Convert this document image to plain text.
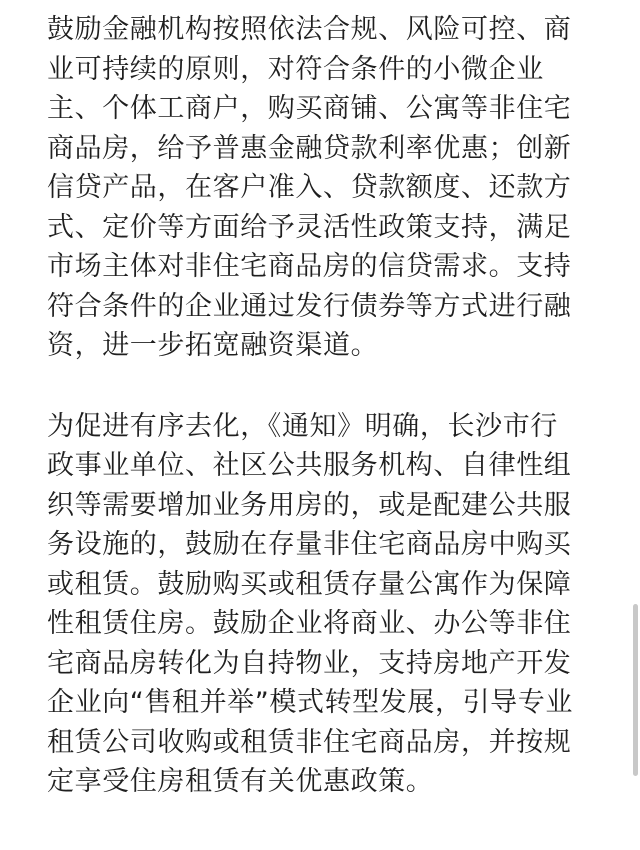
鼓励金融机构按照依法合规、风险可控、商
业可持续的原则，对符合条件的小微企业
主、个体工商户，购买商铺、公寓等非住宅
商品房，给予普惠金融贷款利率优惠；创新
信贷产品，在客户准入、贷款额度、还款方
式、定价等方面给予灵活性政策支持，满足
市场主体对非住宅商品房的信贷需求。支持
符合条件的企业通过发行债券等方式进行融
资，进一步拓宽融资渠道。
为促进有序去化，《通知》明确，长沙市行
政事业单位、社区公共服务机构、自律性组
织等需要增加业务用房的，或是配建公共服
务设施的，鼓励在存量非住宅商品房中购买
或租赁。鼓励购买或租赁存量公寓作为保障
性租赁住房。鼓励企业将商业、办公等非住
宅商品房转化为自持物业，支持房地产开发
企业向“售租并举”模式转型发展，引导专业
租赁公司收购或租赁非住宅商品房，并按规
定享受住房租赁有关优惠政策。
